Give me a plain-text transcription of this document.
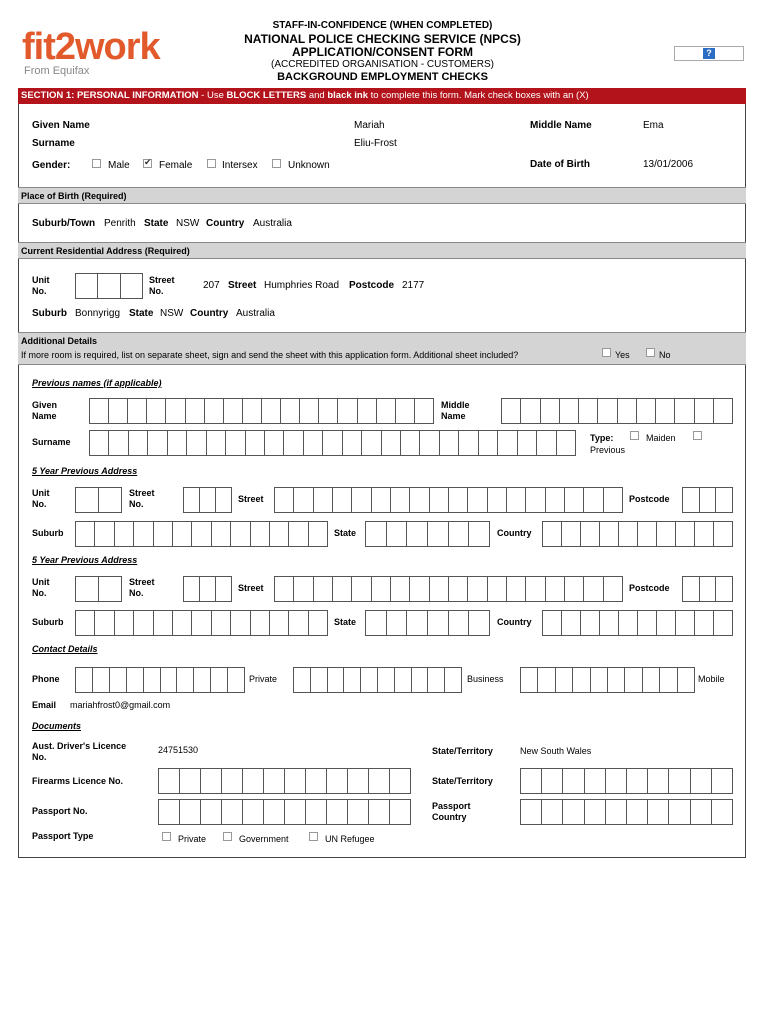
fit2work
From Equifax
STAFF-IN-CONFIDENCE (WHEN COMPLETED)
NATIONAL POLICE CHECKING SERVICE (NPCS)
APPLICATION/CONSENT FORM
(ACCREDITED ORGANISATION - CUSTOMERS)
BACKGROUND EMPLOYMENT CHECKS
?
SECTION 1: PERSONAL INFORMATION - Use BLOCK LETTERS and black ink to complete this form. Mark check boxes with an (X)
Given Name	Mariah	Middle Name	Ema
Surname	Eliu-Frost
Gender:	Male
✔	Female	Intersex	Unknown	Date of Birth	13/01/2006
Place of Birth (Required)
Suburb/Town Penrith State NSW Country Australia
Current Residential Address (Required)
Unit
No.
Street
No.	207 Street Humphries Road Postcode 2177
Suburb Bonnyrigg State NSW Country Australia
Additional Details
If more room is required, list on separate sheet, sign and send the sheet with this application form. Additional sheet included?	Yes	No
Previous names (if applicable)
Given
Name
Middle
Name
Surname	Type:	Maiden
Previous
5 Year Previous Address
Unit
No.
Street
No.	Street	Postcode
Suburb	State	Country
5 Year Previous Address
Unit
No.
Street
No.	Street	Postcode
Suburb	State	Country
Contact Details
Phone	Private	Business	Mobile
Email mariahfrost0@gmail.com
Documents
Aust. Driver's Licence
No.
24751530	State/Territory	New South Wales
Firearms Licence No.	State/Territory
Passport No.	Passport
Country
Passport Type	Private	Government	UN Refugee
